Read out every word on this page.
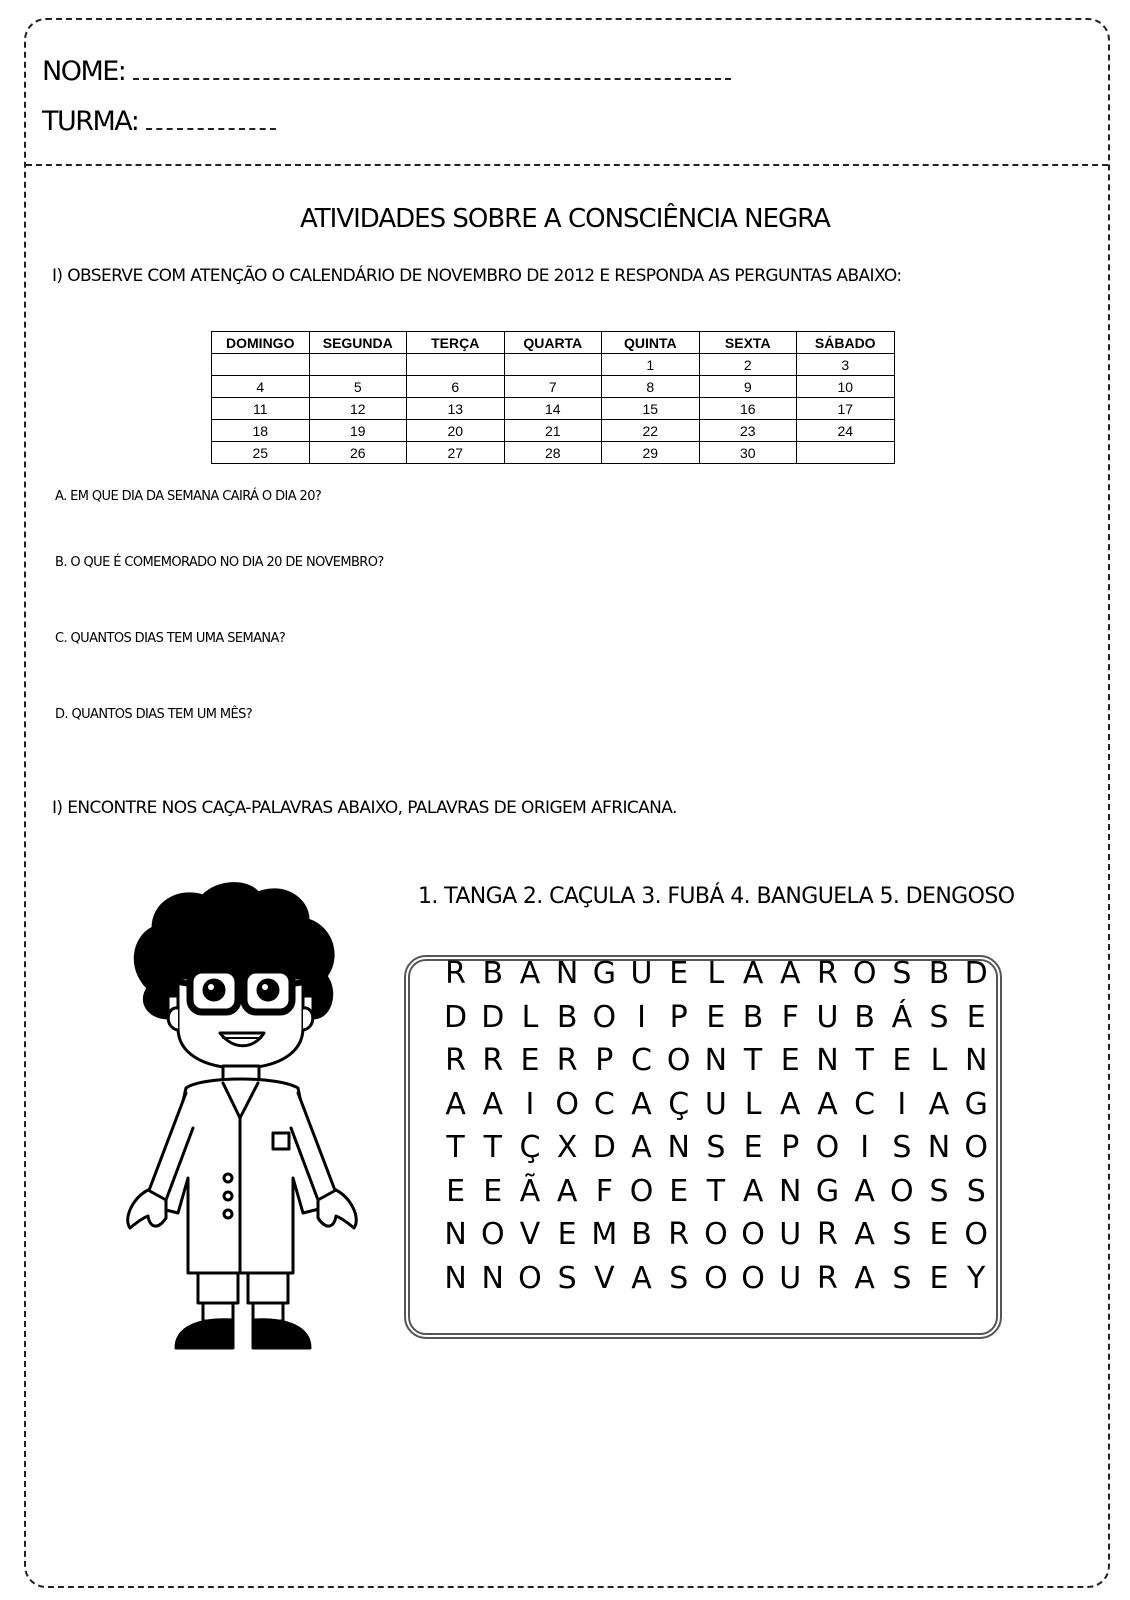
NOME:
TURMA:
ATIVIDADES SOBRE A CONSCIÊNCIA NEGRA
I) OBSERVE COM ATENÇÃO O CALENDÁRIO DE NOVEMBRO DE 2012 E RESPONDA AS PERGUNTAS ABAIXO:
DOMINGO	SEGUNDA	TERÇA	QUARTA	QUINTA	SEXTA	SÁBADO
				1	2	3
4	5	6	7	8	9	10
11	12	13	14	15	16	17
18	19	20	21	22	23	24
25	26	27	28	29	30	
A. EM QUE DIA DA SEMANA CAIRÁ O DIA 20?
B. O QUE É COMEMORADO NO DIA 20 DE NOVEMBRO?
C. QUANTOS DIAS TEM UMA SEMANA?
D. QUANTOS DIAS TEM UM MÊS?
I) ENCONTRE NOS CAÇA-PALAVRAS ABAIXO, PALAVRAS DE ORIGEM AFRICANA.
1. TANGA 2. CAÇULA 3. FUBÁ 4. BANGUELA 5. DENGOSO
R B A N G U E L A A R O S B D
D D L B O I P E B F U B Á S E
R R E R P C O N T E N T E L N
A A I O C A Ç U L A A C I A G
T T Ç X D A N S E P O I S N O
E E Ã A F O E T A N G A O S S
N O V E M B R O O U R A S E O
N N O S V A S O O U R A S E Y
